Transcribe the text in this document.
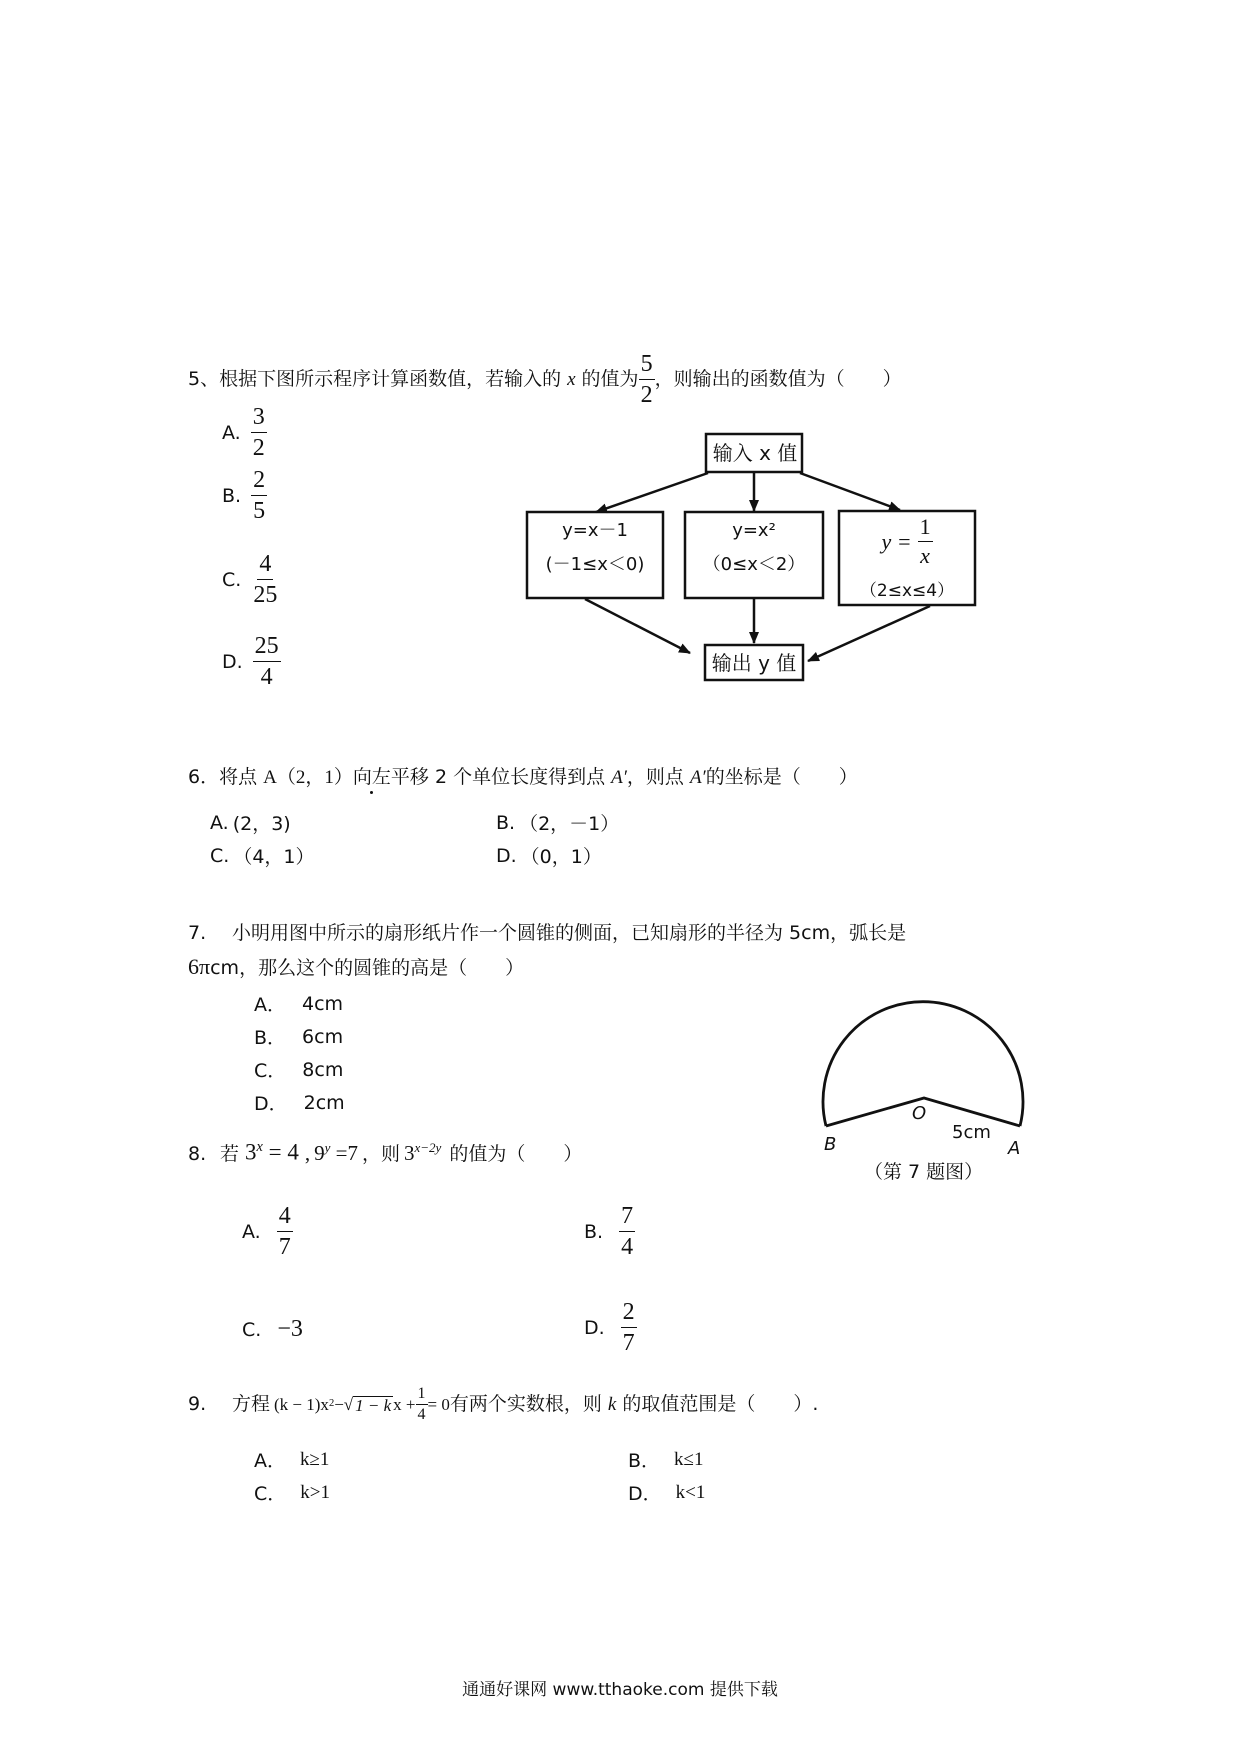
5、 根据下图所示程序计算函数值，若输入的 x 的值为 $\frac{5}{2}$ ，则输出的函数值为（　　）
A. $\frac{3}{2}$
B. $\frac{2}{5}$
C. $\frac{4}{25}$
D. $\frac{25}{4}$
输入 x 值
y=x－1
(－1≤x＜0)
y=x²
（0≤x＜2）
$y = \frac{1}{x}$
（2≤x≤4）
输出 y 值
6．将点 A（2，1）向左平移 2 个单位长度得到点 A′，则点 A′的坐标是（　　）
A. (2，3)	B. （2，－1）
C. （4，1）	D. （0，1）
7. 小明用图中所示的扇形纸片作一个圆锥的侧面，已知扇形的半径为 5cm，弧长是
6πcm，那么这个的圆锥的高是（　　）
A． 4cm
B． 6cm
C． 8cm
D． 2cm	O
5cm
B	A
（第 7 题图）
8. 若 $3^x = 4$ , $9^y =7$ ，则 $3^{x-2y}$ 的值为（　　）
A. $\frac{4}{7}$	B. $\frac{7}{4}$
C. −3	D. $\frac{2}{7}$
9.	方程 (k − 1)x 2 − √ 1 − k $x + \frac{1}{4} = 0$ 有两个实数根，则 k 的取值范围是（　　）.
A． k≥1	B． k≤1
C． k>1	D． k<1
通通好课网 www.tthaoke.com 提供下载
